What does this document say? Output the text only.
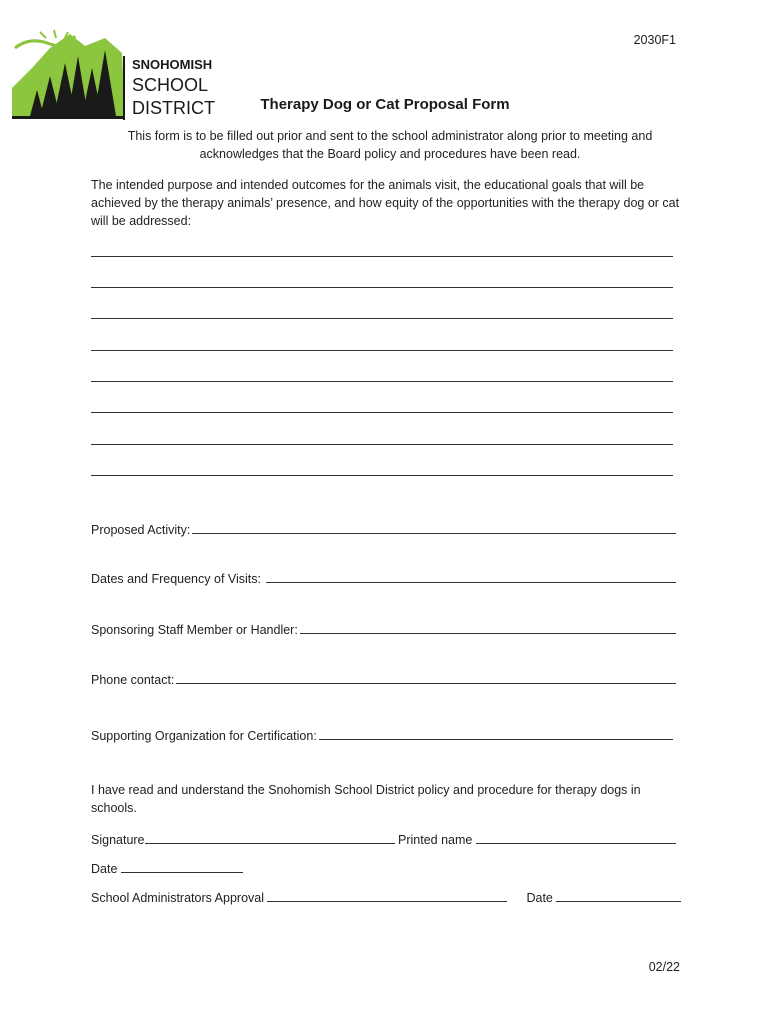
2030F1
SNOHOMISH
SCHOOL
DISTRICT	Therapy Dog or Cat Proposal Form
This form is to be filled out prior and sent to the school administrator along prior to meeting and acknowledges that the Board policy and procedures have been read.
The intended purpose and intended outcomes for the animals visit, the educational goals that will be achieved by the therapy animals’ presence, and how equity of the opportunities with the therapy dog or cat will be addressed:
Proposed Activity:
Dates and Frequency of Visits:
Sponsoring Staff Member or Handler:
Phone contact:
Supporting Organization for Certification:
I have read and understand the Snohomish School District policy and procedure for therapy dogs in schools.
Signature	Printed name
Date
School Administrators Approval	Date
02/22
